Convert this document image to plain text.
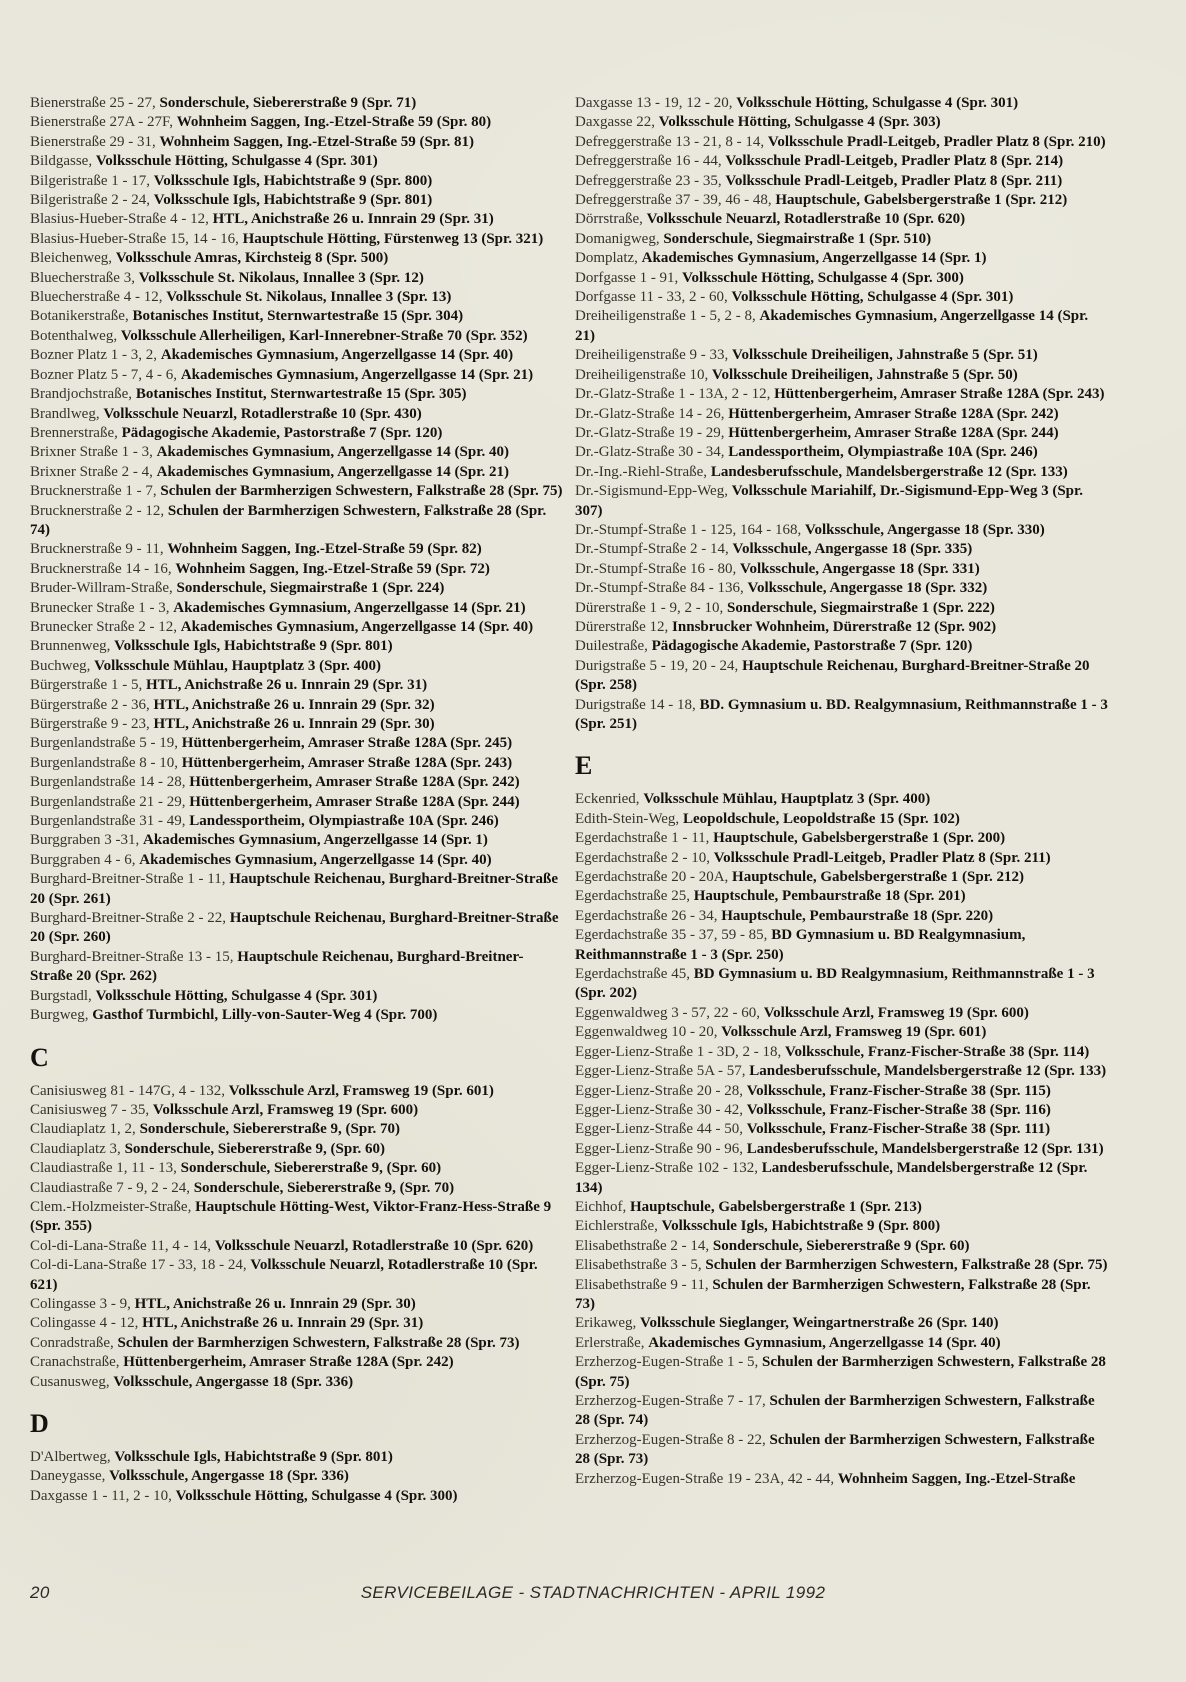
Bienerstraße 25 - 27, Sonderschule, Siebererstraße 9 (Spr. 71)

Bienerstraße 27A - 27F, Wohnheim Saggen, Ing.-Etzel-Straße 59 (Spr. 80)

Bienerstraße 29 - 31, Wohnheim Saggen, Ing.-Etzel-Straße 59 (Spr. 81)

Bildgasse, Volksschule Hötting, Schulgasse 4 (Spr. 301)

Bilgeristraße 1 - 17, Volksschule Igls, Habichtstraße 9 (Spr. 800)

Bilgeristraße 2 - 24, Volksschule Igls, Habichtstraße 9 (Spr. 801)

Blasius-Hueber-Straße 4 - 12, HTL, Anichstraße 26 u. Innrain 29 (Spr. 31)

Blasius-Hueber-Straße 15, 14 - 16, Hauptschule Hötting, Fürstenweg 13 (Spr. 321)

Bleichenweg, Volksschule Amras, Kirchsteig 8 (Spr. 500)

Bluecherstraße 3, Volksschule St. Nikolaus, Innallee 3 (Spr. 12)

Bluecherstraße 4 - 12, Volksschule St. Nikolaus, Innallee 3 (Spr. 13)

Botanikerstraße, Botanisches Institut, Sternwartestraße 15 (Spr. 304)

Botenthalweg, Volksschule Allerheiligen, Karl-Innerebner-Straße 70 (Spr. 352)

Bozner Platz 1 - 3, 2, Akademisches Gymnasium, Angerzellgasse 14 (Spr. 40)

Bozner Platz 5 - 7, 4 - 6, Akademisches Gymnasium, Angerzellgasse 14 (Spr. 21)

Brandjochstraße, Botanisches Institut, Sternwartestraße 15 (Spr. 305)

Brandlweg, Volksschule Neuarzl, Rotadlerstraße 10 (Spr. 430)

Brennerstraße, Pädagogische Akademie, Pastorstraße 7 (Spr. 120)

Brixner Straße 1 - 3, Akademisches Gymnasium, Angerzellgasse 14 (Spr. 40)

Brixner Straße 2 - 4, Akademisches Gymnasium, Angerzellgasse 14 (Spr. 21)

Brucknerstraße 1 - 7, Schulen der Barmherzigen Schwestern, Falkstraße 28 (Spr. 75)

Brucknerstraße 2 - 12, Schulen der Barmherzigen Schwestern, Falkstraße 28 (Spr. 74)

Brucknerstraße 9 - 11, Wohnheim Saggen, Ing.-Etzel-Straße 59 (Spr. 82)

Brucknerstraße 14 - 16, Wohnheim Saggen, Ing.-Etzel-Straße 59 (Spr. 72)

Bruder-Willram-Straße, Sonderschule, Siegmairstraße 1 (Spr. 224)

Brunecker Straße 1 - 3, Akademisches Gymnasium, Angerzellgasse 14 (Spr. 21)

Brunecker Straße 2 - 12, Akademisches Gymnasium, Angerzellgasse 14 (Spr. 40)

Brunnenweg, Volksschule Igls, Habichtstraße 9 (Spr. 801)

Buchweg, Volksschule Mühlau, Hauptplatz 3 (Spr. 400)

Bürgerstraße 1 - 5, HTL, Anichstraße 26 u. Innrain 29 (Spr. 31)

Bürgerstraße 2 - 36, HTL, Anichstraße 26 u. Innrain 29 (Spr. 32)

Bürgerstraße 9 - 23, HTL, Anichstraße 26 u. Innrain 29 (Spr. 30)

Burgenlandstraße 5 - 19, Hüttenbergerheim, Amraser Straße 128A (Spr. 245)

Burgenlandstraße 8 - 10, Hüttenbergerheim, Amraser Straße 128A (Spr. 243)

Burgenlandstraße 14 - 28, Hüttenbergerheim, Amraser Straße 128A (Spr. 242)

Burgenlandstraße 21 - 29, Hüttenbergerheim, Amraser Straße 128A (Spr. 244)

Burgenlandstraße 31 - 49, Landessportheim, Olympiastraße 10A (Spr. 246)

Burggraben 3 -31, Akademisches Gymnasium, Angerzellgasse 14 (Spr. 1)

Burggraben 4 - 6, Akademisches Gymnasium, Angerzellgasse 14 (Spr. 40)

Burghard-Breitner-Straße 1 - 11, Hauptschule Reichenau, Burghard-Breitner-Straße 20 (Spr. 261)

Burghard-Breitner-Straße 2 - 22, Hauptschule Reichenau, Burghard-Breitner-Straße 20 (Spr. 260)

Burghard-Breitner-Straße 13 - 15, Hauptschule Reichenau, Burghard-Breitner-Straße 20 (Spr. 262)

Burgstadl, Volksschule Hötting, Schulgasse 4 (Spr. 301)

Burgweg, Gasthof Turmbichl, Lilly-von-Sauter-Weg 4 (Spr. 700)

C

Canisiusweg 81 - 147G, 4 - 132, Volksschule Arzl, Framsweg 19 (Spr. 601)

Canisiusweg 7 - 35, Volksschule Arzl, Framsweg 19 (Spr. 600)

Claudiaplatz 1, 2, Sonderschule, Siebererstraße 9, (Spr. 70)

Claudiaplatz 3, Sonderschule, Siebererstraße 9, (Spr. 60)

Claudiastraße 1, 11 - 13, Sonderschule, Siebererstraße 9, (Spr. 60)

Claudiastraße 7 - 9, 2 - 24, Sonderschule, Siebererstraße 9, (Spr. 70)

Clem.-Holzmeister-Straße, Hauptschule Hötting-West, Viktor-Franz-Hess-Straße 9 (Spr. 355)

Col-di-Lana-Straße 11, 4 - 14, Volksschule Neuarzl, Rotadlerstraße 10 (Spr. 620)

Col-di-Lana-Straße 17 - 33, 18 - 24, Volksschule Neuarzl, Rotadlerstraße 10 (Spr. 621)

Colingasse 3 - 9, HTL, Anichstraße 26 u. Innrain 29 (Spr. 30)

Colingasse 4 - 12, HTL, Anichstraße 26 u. Innrain 29 (Spr. 31)

Conradstraße, Schulen der Barmherzigen Schwestern, Falkstraße 28 (Spr. 73)

Cranachstraße, Hüttenbergerheim, Amraser Straße 128A (Spr. 242)

Cusanusweg, Volksschule, Angergasse 18 (Spr. 336)

D

D'Albertweg, Volksschule Igls, Habichtstraße 9 (Spr. 801)

Daneygasse, Volksschule, Angergasse 18 (Spr. 336)

Daxgasse 1 - 11, 2 - 10, Volksschule Hötting, Schulgasse 4 (Spr. 300)

Daxgasse 13 - 19, 12 - 20, Volksschule Hötting, Schulgasse 4 (Spr. 301)

Daxgasse 22, Volksschule Hötting, Schulgasse 4 (Spr. 303)

Defreggerstraße 13 - 21, 8 - 14, Volksschule Pradl-Leitgeb, Pradler Platz 8 (Spr. 210)

Defreggerstraße 16 - 44, Volksschule Pradl-Leitgeb, Pradler Platz 8 (Spr. 214)

Defreggerstraße 23 - 35, Volksschule Pradl-Leitgeb, Pradler Platz 8 (Spr. 211)

Defreggerstraße 37 - 39, 46 - 48, Hauptschule, Gabelsbergerstraße 1 (Spr. 212)

Dörrstraße, Volksschule Neuarzl, Rotadlerstraße 10 (Spr. 620)

Domanigweg, Sonderschule, Siegmairstraße 1 (Spr. 510)

Domplatz, Akademisches Gymnasium, Angerzellgasse 14 (Spr. 1)

Dorfgasse 1 - 91, Volksschule Hötting, Schulgasse 4 (Spr. 300)

Dorfgasse 11 - 33, 2 - 60, Volksschule Hötting, Schulgasse 4 (Spr. 301)

Dreiheiligenstraße 1 - 5, 2 - 8, Akademisches Gymnasium, Angerzellgasse 14 (Spr. 21)

Dreiheiligenstraße 9 - 33, Volksschule Dreiheiligen, Jahnstraße 5 (Spr. 51)

Dreiheiligenstraße 10, Volksschule Dreiheiligen, Jahnstraße 5 (Spr. 50)

Dr.-Glatz-Straße 1 - 13A, 2 - 12, Hüttenbergerheim, Amraser Straße 128A (Spr. 243)

Dr.-Glatz-Straße 14 - 26, Hüttenbergerheim, Amraser Straße 128A (Spr. 242)

Dr.-Glatz-Straße 19 - 29, Hüttenbergerheim, Amraser Straße 128A (Spr. 244)

Dr.-Glatz-Straße 30 - 34, Landessportheim, Olympiastraße 10A (Spr. 246)

Dr.-Ing.-Riehl-Straße, Landesberufsschule, Mandelsbergerstraße 12 (Spr. 133)

Dr.-Sigismund-Epp-Weg, Volksschule Mariahilf, Dr.-Sigismund-Epp-Weg 3 (Spr. 307)

Dr.-Stumpf-Straße 1 - 125, 164 - 168, Volksschule, Angergasse 18 (Spr. 330)

Dr.-Stumpf-Straße 2 - 14, Volksschule, Angergasse 18 (Spr. 335)

Dr.-Stumpf-Straße 16 - 80, Volksschule, Angergasse 18 (Spr. 331)

Dr.-Stumpf-Straße 84 - 136, Volksschule, Angergasse 18 (Spr. 332)

Dürerstraße 1 - 9, 2 - 10, Sonderschule, Siegmairstraße 1 (Spr. 222)

Dürerstraße 12, Innsbrucker Wohnheim, Dürerstraße 12 (Spr. 902)

Duilestraße, Pädagogische Akademie, Pastorstraße 7 (Spr. 120)

Durigstraße 5 - 19, 20 - 24, Hauptschule Reichenau, Burghard-Breitner-Straße 20 (Spr. 258)

Durigstraße 14 - 18, BD. Gymnasium u. BD. Realgymnasium, Reithmannstraße 1 - 3 (Spr. 251)

E

Eckenried, Volksschule Mühlau, Hauptplatz 3 (Spr. 400)

Edith-Stein-Weg, Leopoldschule, Leopoldstraße 15 (Spr. 102)

Egerdachstraße 1 - 11, Hauptschule, Gabelsbergerstraße 1 (Spr. 200)

Egerdachstraße 2 - 10, Volksschule Pradl-Leitgeb, Pradler Platz 8 (Spr. 211)

Egerdachstraße 20 - 20A, Hauptschule, Gabelsbergerstraße 1 (Spr. 212)

Egerdachstraße 25, Hauptschule, Pembaurstraße 18 (Spr. 201)

Egerdachstraße 26 - 34, Hauptschule, Pembaurstraße 18 (Spr. 220)

Egerdachstraße 35 - 37, 59 - 85, BD Gymnasium u. BD Realgymnasium, Reithmannstraße 1 - 3 (Spr. 250)

Egerdachstraße 45, BD Gymnasium u. BD Realgymnasium, Reithmannstraße 1 - 3 (Spr. 202)

Eggenwaldweg 3 - 57, 22 - 60, Volksschule Arzl, Framsweg 19 (Spr. 600)

Eggenwaldweg 10 - 20, Volksschule Arzl, Framsweg 19 (Spr. 601)

Egger-Lienz-Straße 1 - 3D, 2 - 18, Volksschule, Franz-Fischer-Straße 38 (Spr. 114)

Egger-Lienz-Straße 5A - 57, Landesberufsschule, Mandelsbergerstraße 12 (Spr. 133)

Egger-Lienz-Straße 20 - 28, Volksschule, Franz-Fischer-Straße 38 (Spr. 115)

Egger-Lienz-Straße 30 - 42, Volksschule, Franz-Fischer-Straße 38 (Spr. 116)

Egger-Lienz-Straße 44 - 50, Volksschule, Franz-Fischer-Straße 38 (Spr. 111)

Egger-Lienz-Straße 90 - 96, Landesberufsschule, Mandelsbergerstraße 12 (Spr. 131)

Egger-Lienz-Straße 102 - 132, Landesberufsschule, Mandelsbergerstraße 12 (Spr. 134)

Eichhof, Hauptschule, Gabelsbergerstraße 1 (Spr. 213)

Eichlerstraße, Volksschule Igls, Habichtstraße 9 (Spr. 800)

Elisabethstraße 2 - 14, Sonderschule, Siebererstraße 9 (Spr. 60)

Elisabethstraße 3 - 5, Schulen der Barmherzigen Schwestern, Falkstraße 28 (Spr. 75)

Elisabethstraße 9 - 11, Schulen der Barmherzigen Schwestern, Falkstraße 28 (Spr. 73)

Erikaweg, Volksschule Sieglanger, Weingartnerstraße 26 (Spr. 140)

Erlerstraße, Akademisches Gymnasium, Angerzellgasse 14 (Spr. 40)

Erzherzog-Eugen-Straße 1 - 5, Schulen der Barmherzigen Schwestern, Falkstraße 28 (Spr. 75)

Erzherzog-Eugen-Straße 7 - 17, Schulen der Barmherzigen Schwestern, Falkstraße 28 (Spr. 74)

Erzherzog-Eugen-Straße 8 - 22, Schulen der Barmherzigen Schwestern, Falkstraße 28 (Spr. 73)

Erzherzog-Eugen-Straße 19 - 23A, 42 - 44, Wohnheim Saggen, Ing.-Etzel-Straße

20	SERVICEBEILAGE - STADTNACHRICHTEN - APRIL 1992
